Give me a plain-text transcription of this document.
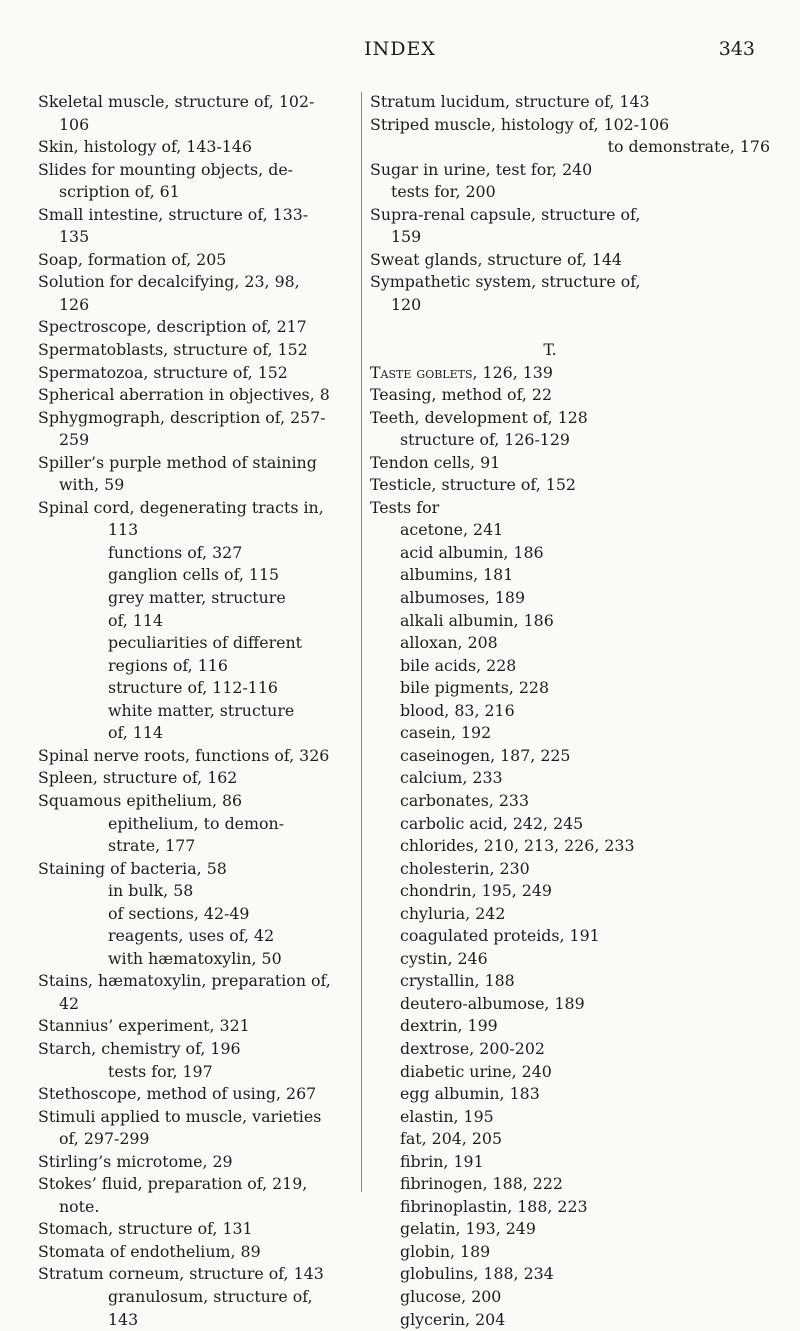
INDEX	343
Skeletal muscle, structure of, 102-
106
Skin, histology of, 143-146
Slides for mounting objects, de-
scription of, 61
Small intestine, structure of, 133-
135
Soap, formation of, 205
Solution for decalcifying, 23, 98,
126
Spectroscope, description of, 217
Spermatoblasts, structure of, 152
Spermatozoa, structure of, 152
Spherical aberration in objectives, 8
Sphygmograph, description of, 257-
259
Spiller’s purple method of staining
with, 59
Spinal cord, degenerating tracts in,
113
functions of, 327
ganglion cells of, 115
grey matter, structure
of, 114
peculiarities of different
regions of, 116
structure of, 112-116
white matter, structure
of, 114
Spinal nerve roots, functions of, 326
Spleen, structure of, 162
Squamous epithelium, 86
epithelium, to demon-
strate, 177
Staining of bacteria, 58
in bulk, 58
of sections, 42-49
reagents, uses of, 42
with hæmatoxylin, 50
Stains, hæmatoxylin, preparation of,
42
Stannius’ experiment, 321
Starch, chemistry of, 196
tests for, 197
Stethoscope, method of using, 267
Stimuli applied to muscle, varieties
of, 297-299
Stirling’s microtome, 29
Stokes’ fluid, preparation of, 219,
note.
Stomach, structure of, 131
Stomata of endothelium, 89
Stratum corneum, structure of, 143
granulosum, structure of,
143
Stratum lucidum, structure of, 143
Striped muscle, histology of, 102-106
to demonstrate, 176
Sugar in urine, test for, 240
tests for, 200
Supra-renal capsule, structure of,
159
Sweat glands, structure of, 144
Sympathetic system, structure of,
120
T.
Taste goblets, 126, 139
Teasing, method of, 22
Teeth, development of, 128
structure of, 126-129
Tendon cells, 91
Testicle, structure of, 152
Tests for
acetone, 241
acid albumin, 186
albumins, 181
albumoses, 189
alkali albumin, 186
alloxan, 208
bile acids, 228
bile pigments, 228
blood, 83, 216
casein, 192
caseinogen, 187, 225
calcium, 233
carbonates, 233
carbolic acid, 242, 245
chlorides, 210, 213, 226, 233
cholesterin, 230
chondrin, 195, 249
chyluria, 242
coagulated proteids, 191
cystin, 246
crystallin, 188
deutero-albumose, 189
dextrin, 199
dextrose, 200-202
diabetic urine, 240
egg albumin, 183
elastin, 195
fat, 204, 205
fibrin, 191
fibrinogen, 188, 222
fibrinoplastin, 188, 223
gelatin, 193, 249
globin, 189
globulins, 188, 234
glucose, 200
glycerin, 204
